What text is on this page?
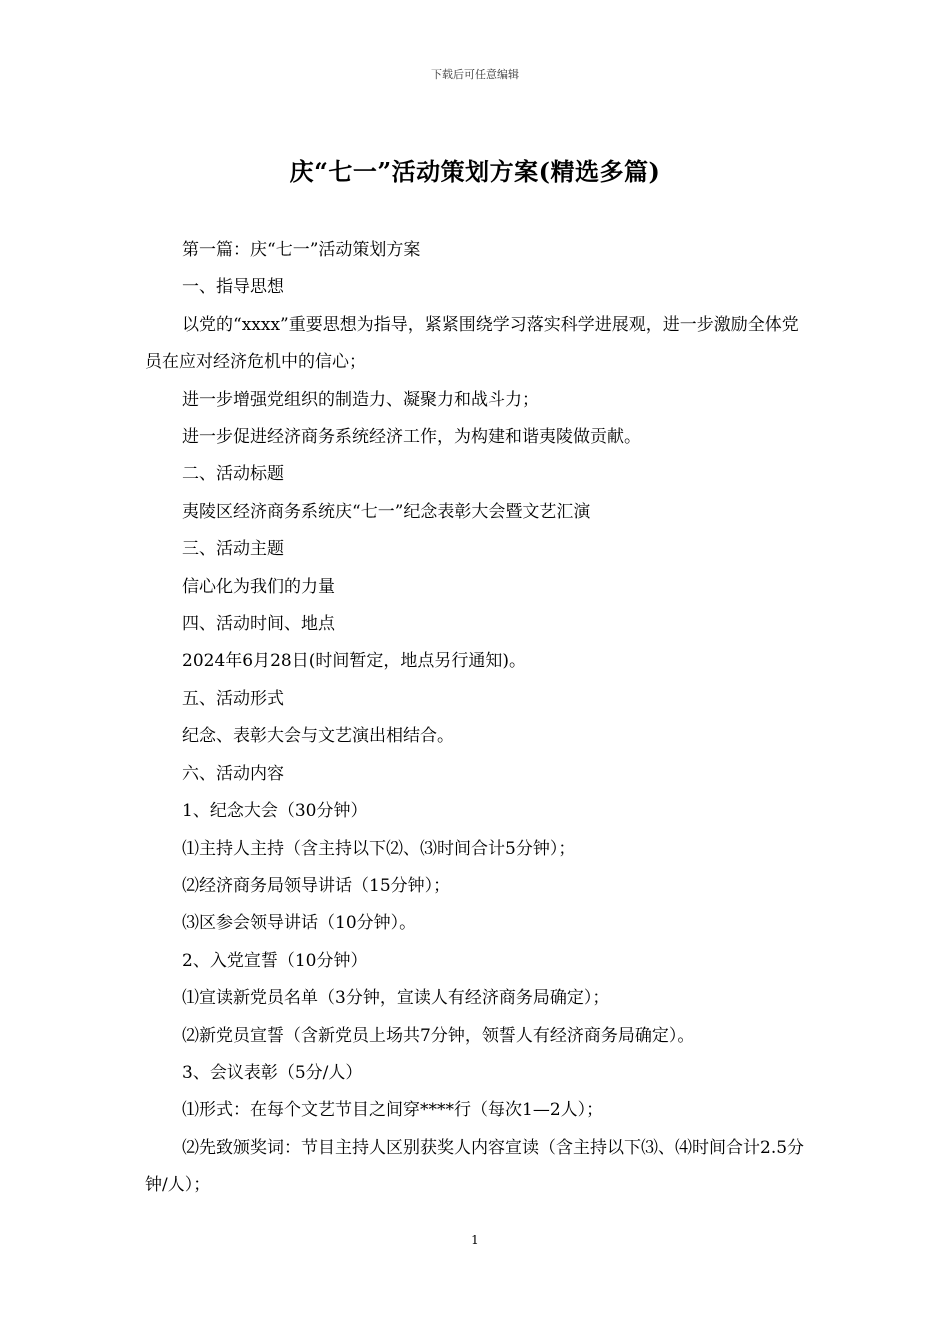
下载后可任意编辑
庆“七一”活动策划方案(精选多篇)

第一篇：庆“七一”活动策划方案

一、指导思想

以党的“xxxx”重要思想为指导，紧紧围绕学习落实科学进展观，进一步激励全体党员在应对经济危机中的信心；

进一步增强党组织的制造力、凝聚力和战斗力；

进一步促进经济商务系统经济工作，为构建和谐夷陵做贡献。

二、活动标题

夷陵区经济商务系统庆“七一”纪念表彰大会暨文艺汇演

三、活动主题

信心化为我们的力量

四、活动时间、地点

2024年6月28日(时间暂定，地点另行通知)。

五、活动形式

纪念、表彰大会与文艺演出相结合。

六、活动内容

1、纪念大会（30分钟）

⑴主持人主持（含主持以下⑵、⑶时间合计5分钟）；

⑵经济商务局领导讲话（15分钟）；

⑶区参会领导讲话（10分钟）。

2、入党宣誓（10分钟）

⑴宣读新党员名单（3分钟，宣读人有经济商务局确定）；

⑵新党员宣誓（含新党员上场共7分钟，领誓人有经济商务局确定）。

3、会议表彰（5分/人）

⑴形式：在每个文艺节目之间穿****行（每次1—2人）；

⑵先致颁奖词：节目主持人区别获奖人内容宣读（含主持以下⑶、⑷时间合计2.5分钟/人）；

1
